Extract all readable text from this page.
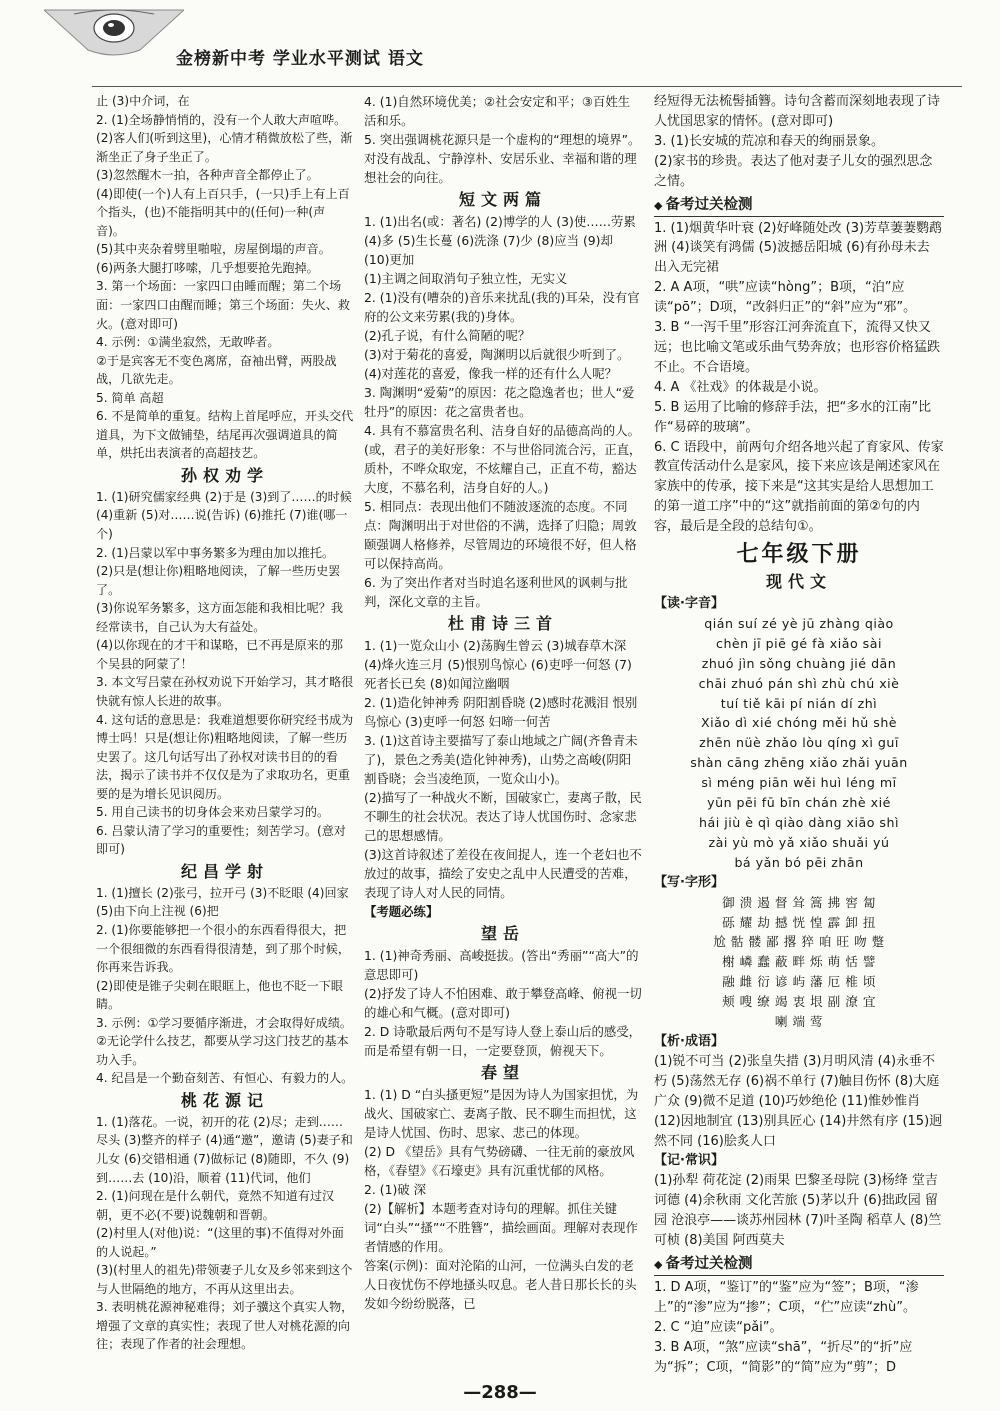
金榜新中考 学业水平测试 语文

止 (3)中介词，在

2. (1)全场静悄悄的，没有一个人敢大声喧哗。

(2)客人们(听到这里)，心情才稍微放松了些，渐渐坐正了身子坐正了。

(3)忽然醒木一拍，各种声音全都停止了。

(4)即使(一个)人有上百只手，(一只)手上有上百个指头，(也)不能指明其中的(任何)一种(声音)。

(5)其中夹杂着劈里啪啦，房屋倒塌的声音。

(6)两条大腿打哆嗦，几乎想要抢先跑掉。

3. 第一个场面：一家四口由睡而醒；第二个场面：一家四口由醒而睡；第三个场面：失火、救火。(意对即可)

4. 示例：①满坐寂然，无敢哗者。

②于是宾客无不变色离席，奋袖出臂，两股战战，几欲先走。

5. 简单 高超

6. 不是简单的重复。结构上首尾呼应，开头交代道具，为下文做铺垫，结尾再次强调道具的简单，烘托出表演者的高超技艺。

孙权劝学

1. (1)研究儒家经典 (2)于是 (3)到了……的时候 (4)重新 (5)对……说(告诉) (6)推托 (7)谁(哪一个)

2. (1)吕蒙以军中事务繁多为理由加以推托。

(2)只是(想让你)粗略地阅读，了解一些历史罢了。

(3)你说军务繁多，这方面怎能和我相比呢？我经常读书，自己认为大有益处。

(4)以你现在的才干和谋略，已不再是原来的那个吴县的阿蒙了！

3. 本文写吕蒙在孙权劝说下开始学习，其才略很快就有惊人长进的故事。

4. 这句话的意思是：我难道想要你研究经书成为博士吗！只是(想让你)粗略地阅读，了解一些历史罢了。这几句话写出了孙权对读书目的的看法，揭示了读书并不仅仅是为了求取功名，更重要的是为增长见识阅历。

5. 用自己读书的切身体会来劝吕蒙学习的。

6. 吕蒙认清了学习的重要性；刻苦学习。(意对即可)

纪昌学射

1. (1)擅长 (2)张弓，拉开弓 (3)不眨眼 (4)回家 (5)由下向上注视 (6)把

2. (1)你要能够把一个很小的东西看得很大，把一个很细微的东西看得很清楚，到了那个时候，你再来告诉我。

(2)即使是锥子尖刺在眼眶上，他也不眨一下眼睛。

3. 示例：①学习要循序渐进，才会取得好成绩。②无论学什么技艺，都要从学习这门技艺的基本功入手。

4. 纪昌是一个勤奋刻苦、有恒心、有毅力的人。

桃花源记

1. (1)落花。一说，初开的花 (2)尽；走到……尽头 (3)整齐的样子 (4)通“邀”，邀请 (5)妻子和儿女 (6)交错相通 (7)做标记 (8)随即，不久 (9)到……去 (10)沿，顺着 (11)代词，他们

2. (1)问现在是什么朝代，竟然不知道有过汉朝，更不必(不要)说魏朝和晋朝。

(2)村里人(对他)说：“(这里的事)不值得对外面的人说起。”

(3)(村里人的祖先)带领妻子儿女及乡邻来到这个与人世隔绝的地方，不再从这里出去。

3. 表明桃花源神秘难得；刘子骥这个真实人物，增强了文章的真实性；表现了世人对桃花源的向往；表现了作者的社会理想。

4. (1)自然环境优美；②社会安定和平；③百姓生活和乐。

5. 突出强调桃花源只是一个虚构的“理想的境界”。

对没有战乱、宁静淳朴、安居乐业、幸福和谐的理想社会的向往。

短文两篇

1. (1)出名(或：著名) (2)博学的人 (3)使……劳累 (4)多 (5)生长蔓 (6)洗涤 (7)少 (8)应当 (9)却 (10)更加

(1)主调之间取消句子独立性，无实义

2. (1)没有(嘈杂的)音乐来扰乱(我的)耳朵，没有官府的公文来劳累(我的)身体。

(2)孔子说，有什么简陋的呢？

(3)对于菊花的喜爱，陶渊明以后就很少听到了。

(4)对莲花的喜爱，像我一样的还有什么人呢？

3. 陶渊明“爱菊”的原因：花之隐逸者也；世人“爱牡丹”的原因：花之富贵者也。

4. 具有不慕富贵名利、洁身自好的品德高尚的人。(或，君子的美好形象：不与世俗同流合污，正直，质朴，不哗众取宠，不炫耀自己，正直不苟，豁达大度，不慕名利，洁身自好的人。)

5. 相同点：表现出他们不随波逐流的态度。不同点：陶渊明出于对世俗的不满，选择了归隐；周敦颐强调人格修养，尽管周边的环境很不好，但人格可以保持高尚。

6. 为了突出作者对当时追名逐利世风的讽刺与批判，深化文章的主旨。

杜甫诗三首

1. (1)一览众山小 (2)荡胸生曾云 (3)城春草木深 (4)烽火连三月 (5)恨别鸟惊心 (6)吏呼一何怒 (7)死者长已矣 (8)如闻泣幽咽

2. (1)造化钟神秀 阴阳割昏晓 (2)感时花溅泪 恨别鸟惊心 (3)吏呼一何怒 妇啼一何苦

3. (1)这首诗主要描写了泰山地域之广阔(齐鲁青未了)，景色之秀美(造化钟神秀)，山势之高峻(阴阳割昏晓；会当凌绝顶，一览众山小)。

(2)描写了一种战火不断，国破家亡，妻离子散，民不聊生的社会状况。表达了诗人忧国伤时、念家悲己的思想感情。

(3)这首诗叙述了差役在夜间捉人，连一个老妇也不放过的故事，描绘了安史之乱中人民遭受的苦难，表现了诗人对人民的同情。

【考题必练】

望岳

1. (1)神奇秀丽、高峻挺拔。(答出“秀丽”“高大”的意思即可)

(2)抒发了诗人不怕困难、敢于攀登高峰、俯视一切的雄心和气概。(意对即可)

2. D 诗歌最后两句不是写诗人登上泰山后的感受，而是希望有朝一日，一定要登顶，俯视天下。

春望

1. (1) D “白头搔更短”是因为诗人为国家担忧，为战火、国破家亡、妻离子散、民不聊生而担忧，这是诗人忧国、伤时、思家、悲己的体现。

(2) D 《望岳》具有气势磅礴、一往无前的豪放风格，《春望》《石壕吏》具有沉重忧郁的风格。

2. (1)破 深

(2)【解析】本题考查对诗句的理解。抓住关键词“白头”“搔”“不胜簪”，描绘画面。理解对表现作者情感的作用。

答案(示例)：面对沦陷的山河，一位满头白发的老人日夜忧伤不停地搔头叹息。老人昔日那长长的头发如今纷纷脱落，已

经短得无法梳髻插簪。诗句含蓄而深刻地表现了诗人忧国思家的情怀。(意对即可)

3. (1)长安城的荒凉和春天的绚丽景象。

(2)家书的珍贵。表达了他对妻子儿女的强烈思念之情。

◆ 备考过关检测

1. (1)烟黄华叶衰 (2)好峰随处改 (3)芳草萋萋鹦鹉洲 (4)谈笑有鸿儒 (5)波撼岳阳城 (6)有孙母未去 出入无完裙

2. A A项，“哄”应读“hòng”；B项，“泊”应读“pō”；D项，“改斜归正”的“斜”应为“邪”。

3. B “一泻千里”形容江河奔流直下，流得又快又远；也比喻文笔或乐曲气势奔放；也形容价格猛跌不止。不合语境。

4. A 《社戏》的体裁是小说。

5. B 运用了比喻的修辞手法，把“多水的江南”比作“易碎的玻璃”。

6. C 语段中，前两句介绍各地兴起了育家风、传家教宣传活动什么是家风，接下来应该是阐述家风在家族中的传承，接下来是“这其实是给人思想加工的第一道工序”中的“这”就指前面的第②句的内容，最后是全段的总结句①。

七年级下册
现代文

【读·字音】

qián suí zé yè jū zhàng qiào
chèn jī piē gé fà xiǎo sài
zhuó jìn sǒng chuàng jié dān
chāi zhuó pán shì zhù chú xiè
tuí tiě kāi pí nián dí zhì
Xiǎo dì xié chóng měi hǔ shè
zhēn nüè zhǎo lòu qíng xì guī
shàn cāng zhēng xiǎo zhǎi yuān
sì méng piān wěi huì léng mī
yūn pēi fū bīn chán zhè xié
hái jiù è qì qiào dàng xiāo shì
zài yù mò yǎ xiǎo shuǎi yú
bá yǎn bó pēi zhān

【写·字形】

御 溃 遏 督 耸 篙 拂 窖 匐
砾 耀 劫 撼 恍 惶 霹 卸 扭
尬 骷 髅 鄙 撂 猝 咱 旺 吻 蹩
榭 嶙 蠢 蔽 畔 烁 萌 恬 譬
融 雌 衍 谚 屿 藩 厄 椎 顷
颊 嗖 缭 竭 衷 垠 副 潦 宜
喇 端 莺

【析·成语】

(1)锐不可当 (2)张皇失措 (3)月明风清 (4)永垂不朽 (5)荡然无存 (6)祸不单行 (7)触目伤怀 (8)大庭广众 (9)微不足道 (10)巧妙绝伦 (11)惟妙惟肖 (12)因地制宜 (13)别具匠心 (14)井然有序 (15)迥然不同 (16)脍炙人口

【记·常识】

(1)孙犁 荷花淀 (2)雨果 巴黎圣母院 (3)杨绛 堂吉诃德 (4)余秋雨 文化苦旅 (5)茅以升 (6)拙政园 留园 沧浪亭——谈苏州园林 (7)叶圣陶 稻草人 (8)竺可桢 (8)美国 阿西莫夫

◆ 备考过关检测

1. D A项，“鉴订”的“鉴”应为“签”；B项，“渗上”的“渗”应为“掺”；C项，“伫”应读“zhù”。

2. C “迫”应读“pǎi”。

3. B A项，“煞”应读“shā”，“折尽”的“折”应为“拆”；C项，“简影”的“简”应为“剪”；D

—288—
